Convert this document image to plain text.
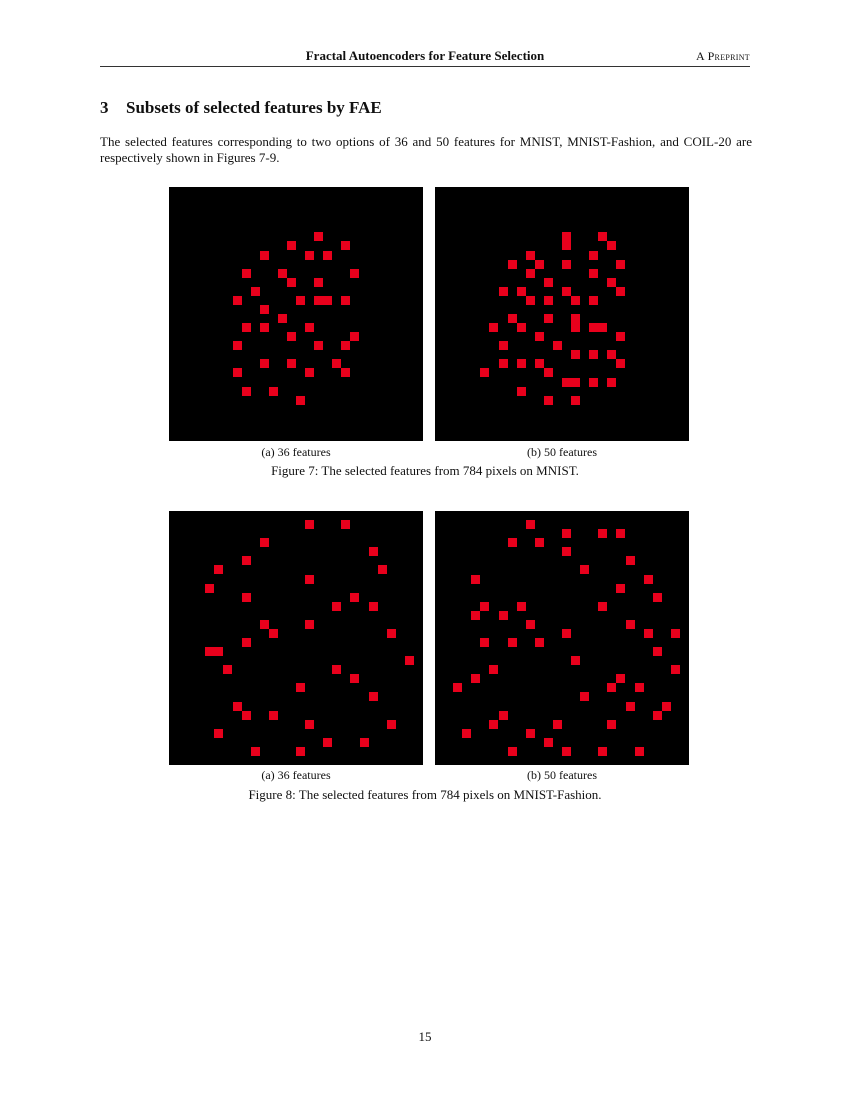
Fractal Autoencoders for Feature Selection	A Preprint
3 Subsets of selected features by FAE
The selected features corresponding to two options of 36 and 50 features for MNIST, MNIST-Fashion, and COIL-20 are respectively shown in Figures 7-9.
(a) 36 features	(b) 50 features
Figure 7: The selected features from 784 pixels on MNIST.
(a) 36 features	(b) 50 features
Figure 8: The selected features from 784 pixels on MNIST-Fashion.
15
